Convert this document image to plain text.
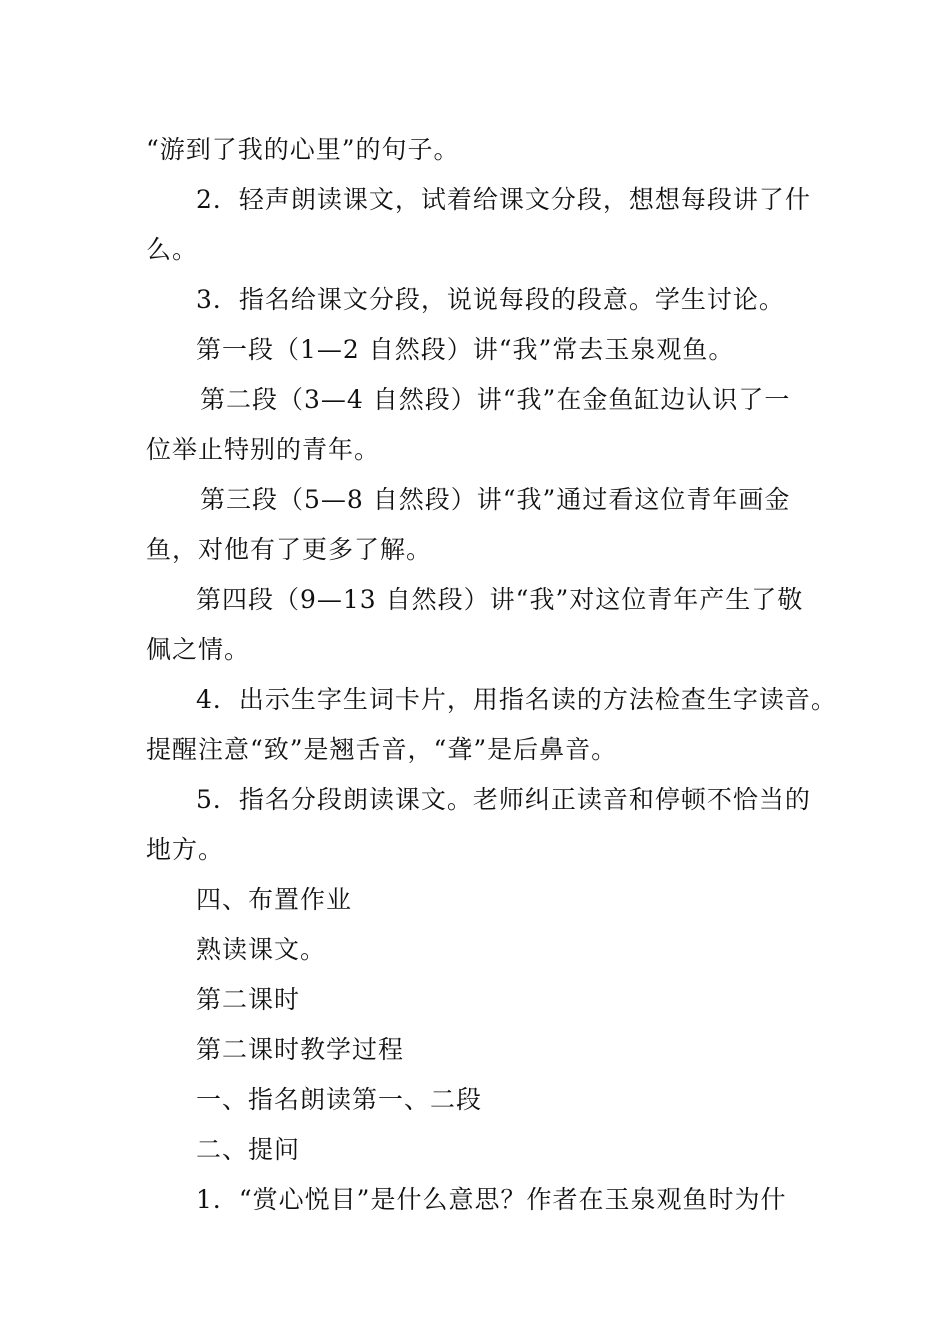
“游到了我的心里”的句子。
2．轻声朗读课文，试着给课文分段，想想每段讲了什
么。
3．指名给课文分段，说说每段的段意。学生讨论。
第一段（1—2 自然段）讲“我”常去玉泉观鱼。
第二段（3—4 自然段）讲“我”在金鱼缸边认识了一
位举止特别的青年。
第三段（5—8 自然段）讲“我”通过看这位青年画金
鱼，对他有了更多了解。
第四段（9—13 自然段）讲“我”对这位青年产生了敬
佩之情。
4．出示生字生词卡片，用指名读的方法检查生字读音。
提醒注意“致”是翘舌音，“聋”是后鼻音。
5．指名分段朗读课文。老师纠正读音和停顿不恰当的
地方。
四、布置作业
熟读课文。
第二课时
第二课时教学过程
一、指名朗读第一、二段
二、提问
1．“赏心悦目”是什么意思？作者在玉泉观鱼时为什
